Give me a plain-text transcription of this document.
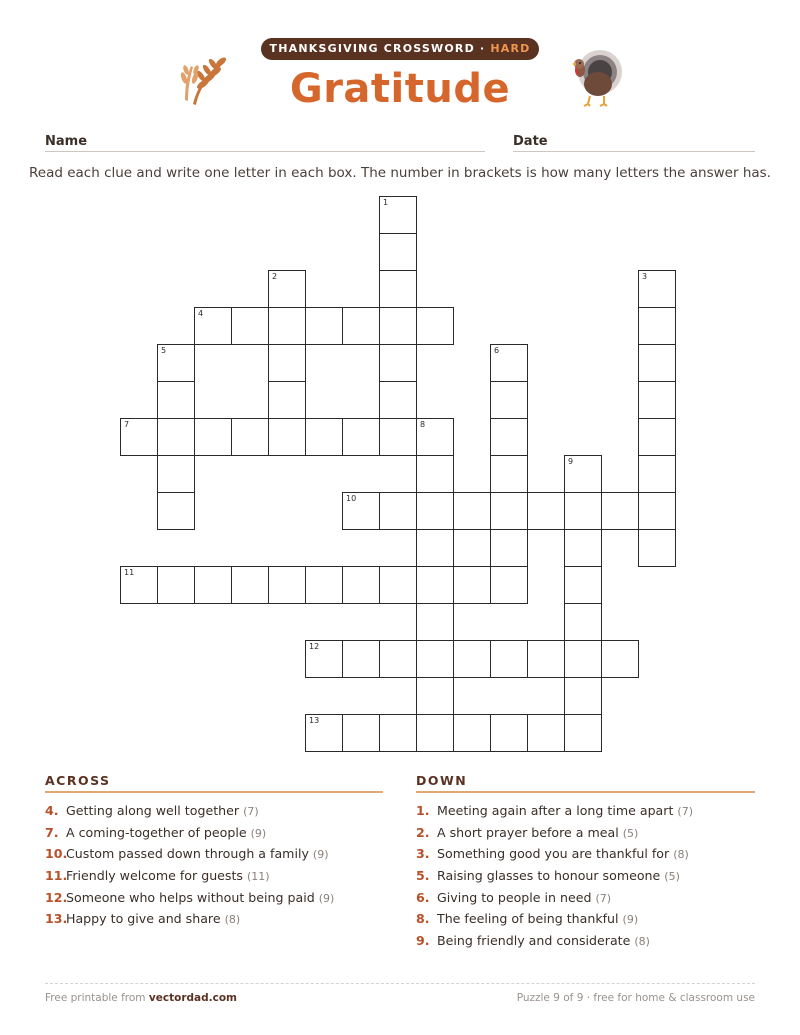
THANKSGIVING CROSSWORD · HARD
Gratitude
Name	Date
Read each clue and write one letter in each box. The number in brackets is how many letters the answer has.
1
2	3
4
5	6
7	8
9
10
11
12
13
ACROSS
4. Getting along well together (7)
7. A coming-together of people (9)
10.Custom passed down through a family (9)
11.Friendly welcome for guests (11)
12.Someone who helps without being paid (9)
13.Happy to give and share (8)
DOWN
1. Meeting again after a long time apart (7)
2. A short prayer before a meal (5)
3. Something good you are thankful for (8)
5. Raising glasses to honour someone (5)
6. Giving to people in need (7)
8. The feeling of being thankful (9)
9. Being friendly and considerate (8)
Free printable from vectordad.com	Puzzle 9 of 9 · free for home & classroom use
